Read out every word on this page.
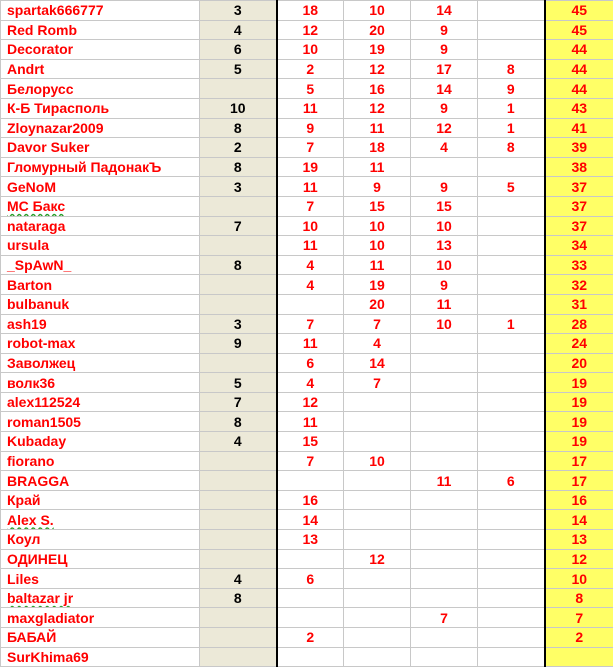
spartak666777	3	18	10	14		45
Red Romb	4	12	20	9		45
Decorator	6	10	19	9		44
Andrt	5	2	12	17	8	44
Белорусс		5	16	14	9	44
К-Б Тирасполь	10	11	12	9	1	43
Zloynazar2009	8	9	11	12	1	41
Davor Suker	2	7	18	4	8	39
Гломурный ПадонакЪ	8	19	11			38
GeNoM	3	11	9	9	5	37
МС Бакс		7	15	15		37
nataraga	7	10	10	10		37
ursula		11	10	13		34
_SpAwN_	8	4	11	10		33
Barton		4	19	9		32
bulbanuk			20	11		31
ash19	3	7	7	10	1	28
robot-max	9	11	4			24
Заволжец		6	14			20
волк36	5	4	7			19
alex112524	7	12				19
roman1505	8	11				19
Kubaday	4	15				19
fiorano		7	10			17
BRAGGA				11	6	17
Край		16				16
Alex S.		14				14
Коул		13				13
ОДИНЕЦ			12			12
Liles	4	6				10
baltazar jr	8					8
maxgladiator				7		7
БАБАЙ		2				2
SurKhima69						
